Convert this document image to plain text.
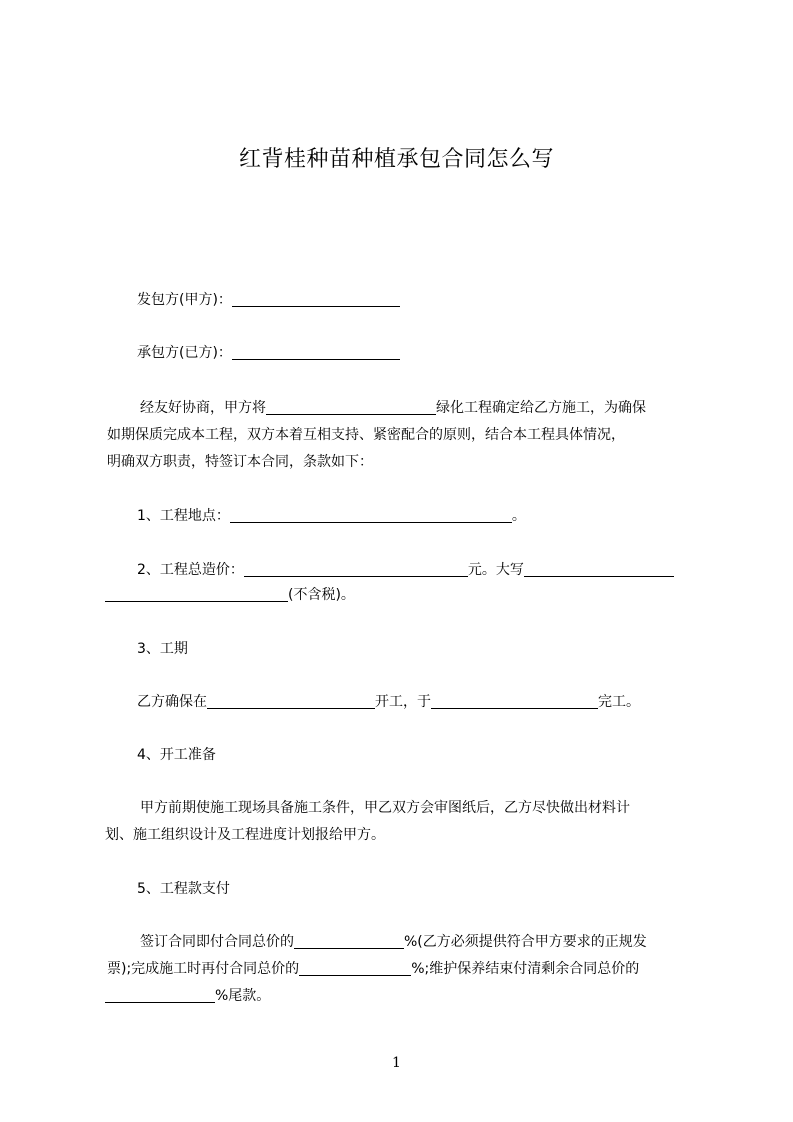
红背桂种苗种植承包合同怎么写
发包方(甲方)：
承包方(已方)：
经友好协商，甲方将	绿化工程确定给乙方施工，为确保
如期保质完成本工程，双方本着互相支持、紧密配合的原则，结合本工程具体情况，
明确双方职责，特签订本合同，条款如下：
1、工程地点：	。
2、工程总造价：	元。大写
(不含税)。
3、工期
乙方确保在	开工，于	完工。
4、开工准备
甲方前期使施工现场具备施工条件，甲乙双方会审图纸后，乙方尽快做出材料计
划、施工组织设计及工程进度计划报给甲方。
5、工程款支付
签订合同即付合同总价的	%(乙方必须提供符合甲方要求的正规发
票);完成施工时再付合同总价的	%;维护保养结束付清剩余合同总价的
%尾款。
1
